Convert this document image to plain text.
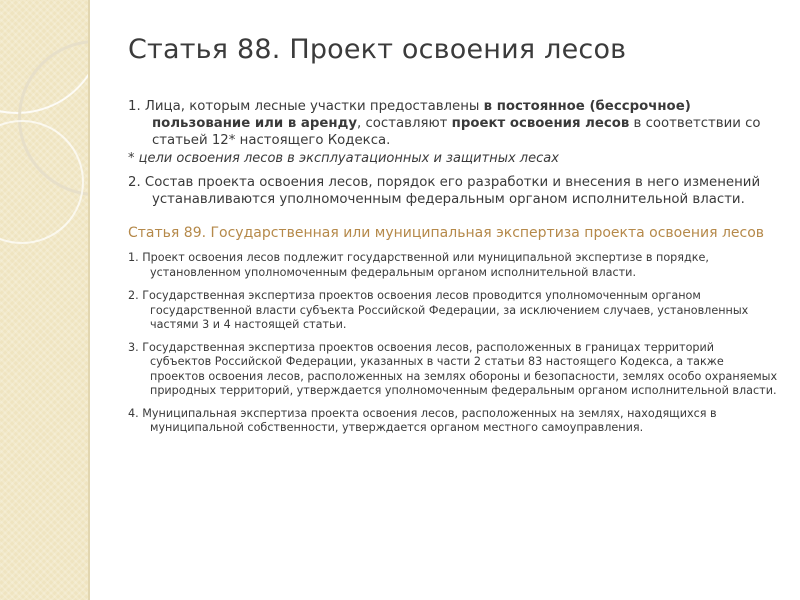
Статья 88. Проект освоения лесов

1. Лица, которым лесные участки предоставлены в постоянное (бессрочное) пользование или в аренду, составляют проект освоения лесов в соответствии со статьей 12* настоящего Кодекса.

* цели освоения лесов в эксплуатационных и защитных лесах

2. Состав проекта освоения лесов, порядок его разработки и внесения в него изменений устанавливаются уполномоченным федеральным органом исполнительной власти.

Статья 89. Государственная или муниципальная экспертиза проекта освоения лесов

1. Проект освоения лесов подлежит государственной или муниципальной экспертизе в порядке, установленном уполномоченным федеральным органом исполнительной власти.

2. Государственная экспертиза проектов освоения лесов проводится уполномоченным органом государственной власти субъекта Российской Федерации, за исключением случаев, установленных частями 3 и 4 настоящей статьи.

3. Государственная экспертиза проектов освоения лесов, расположенных в границах территорий субъектов Российской Федерации, указанных в части 2 статьи 83 настоящего Кодекса, а также проектов освоения лесов, расположенных на землях обороны и безопасности, землях особо охраняемых природных территорий, утверждается уполномоченным федеральным органом исполнительной власти.

4. Муниципальная экспертиза проекта освоения лесов, расположенных на землях, находящихся в муниципальной собственности, утверждается органом местного самоуправления.
